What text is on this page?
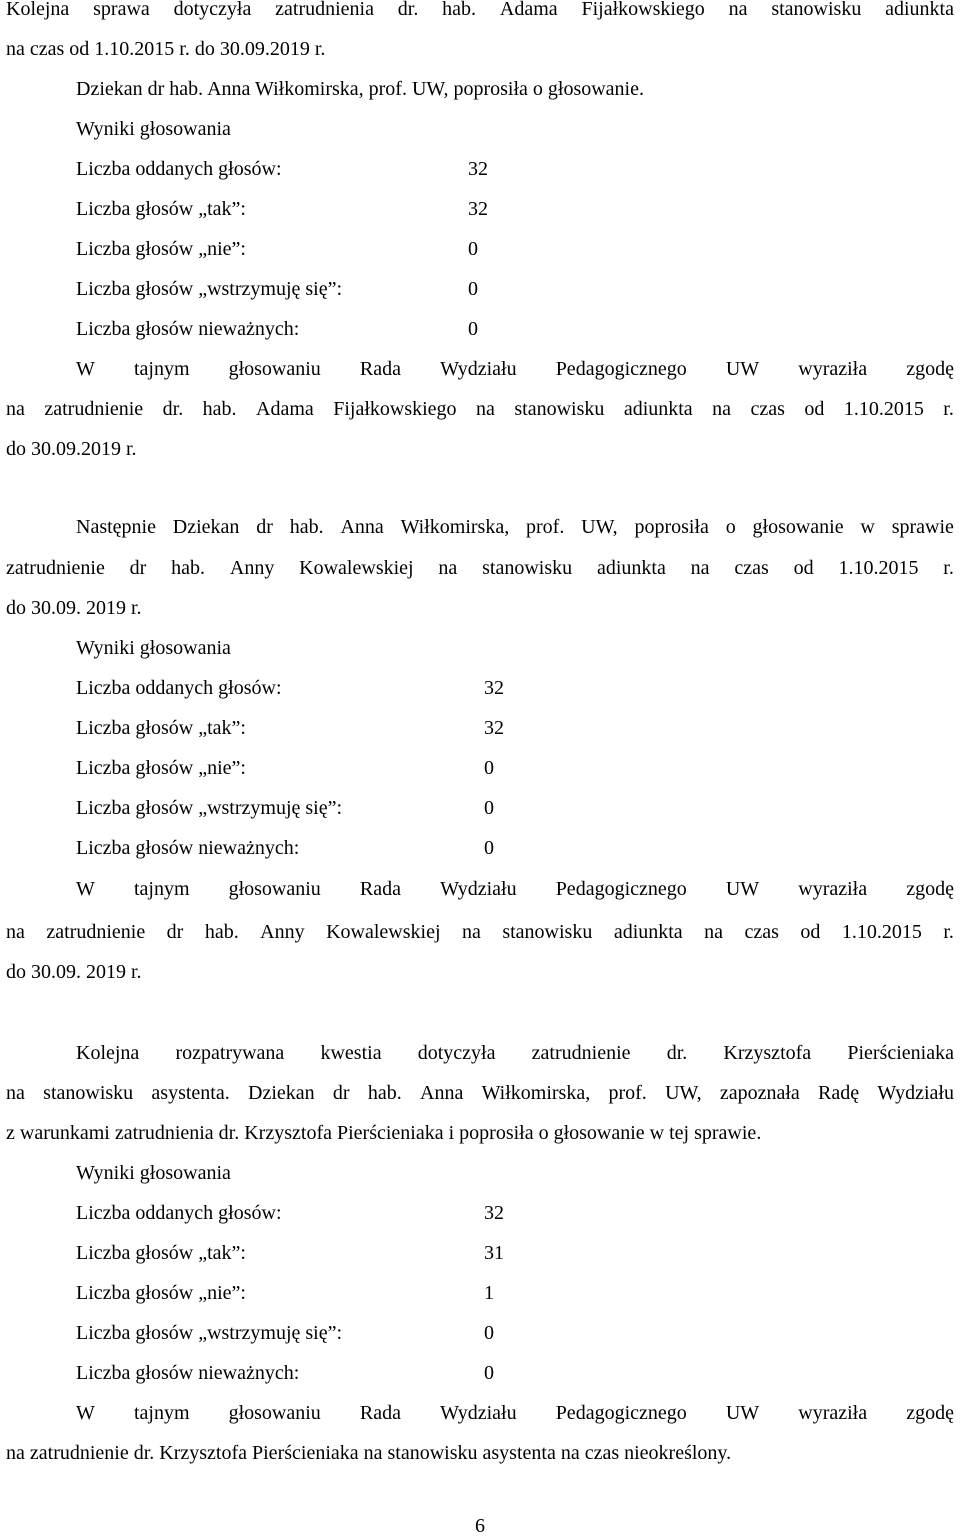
Kolejna sprawa dotyczyła zatrudnienia dr. hab. Adama Fijałkowskiego na stanowisku adiunkta
na czas od 1.10.2015 r. do 30.09.2019 r.
Dziekan dr hab. Anna Wiłkomirska, prof. UW, poprosiła o głosowanie.
Wyniki głosowania
Liczba oddanych głosów:	32
Liczba głosów „tak”:	32
Liczba głosów „nie”:	0
Liczba głosów „wstrzymuję się”:	0
Liczba głosów nieważnych:	0
W tajnym głosowaniu Rada Wydziału Pedagogicznego UW wyraziła zgodę
na zatrudnienie dr. hab. Adama Fijałkowskiego na stanowisku adiunkta na czas od 1.10.2015 r.
do 30.09.2019 r.
Następnie Dziekan dr hab. Anna Wiłkomirska, prof. UW, poprosiła o głosowanie w sprawie
zatrudnienie dr hab. Anny Kowalewskiej na stanowisku adiunkta na czas od 1.10.2015 r.
do 30.09. 2019 r.
Wyniki głosowania
Liczba oddanych głosów:	32
Liczba głosów „tak”:	32
Liczba głosów „nie”:	0
Liczba głosów „wstrzymuję się”:	0
Liczba głosów nieważnych:	0
W tajnym głosowaniu Rada Wydziału Pedagogicznego UW wyraziła zgodę
na zatrudnienie dr hab. Anny Kowalewskiej na stanowisku adiunkta na czas od 1.10.2015 r.
do 30.09. 2019 r.
Kolejna rozpatrywana kwestia dotyczyła zatrudnienie dr. Krzysztofa Pierścieniaka
na stanowisku asystenta. Dziekan dr hab. Anna Wiłkomirska, prof. UW, zapoznała Radę Wydziału
z warunkami zatrudnienia dr. Krzysztofa Pierścieniaka i poprosiła o głosowanie w tej sprawie.
Wyniki głosowania
Liczba oddanych głosów:	32
Liczba głosów „tak”:	31
Liczba głosów „nie”:	1
Liczba głosów „wstrzymuję się”:	0
Liczba głosów nieważnych:	0
W tajnym głosowaniu Rada Wydziału Pedagogicznego UW wyraziła zgodę
na zatrudnienie dr. Krzysztofa Pierścieniaka na stanowisku asystenta na czas nieokreślony.
6
